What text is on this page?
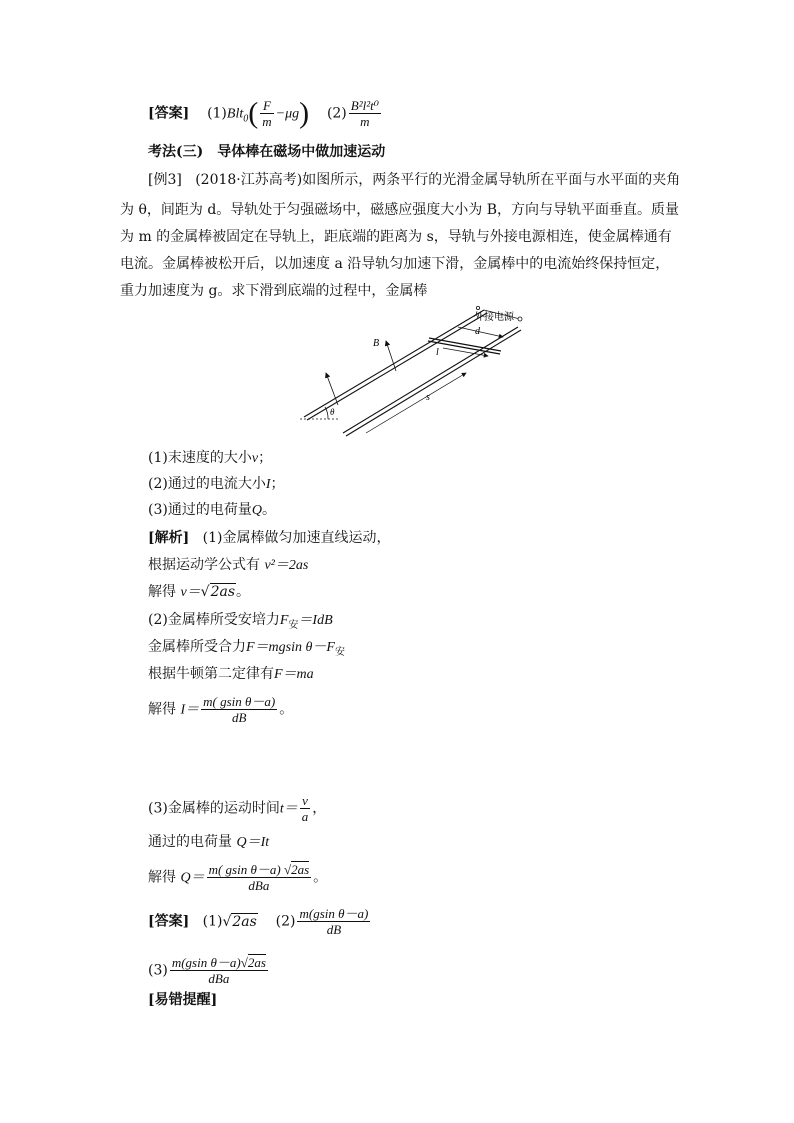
[答案] $(1)Blt_0( \frac{F}{m} -\mu g)$ $(2) \frac{\text{B²l²t⁰}}{m}$
考法(三)　导体棒在磁场中做加速运动
[例3] (2018·江苏高考)如图所示，两条平行的光滑金属导轨所在平面与水平面的夹角
为 θ，间距为 d。导轨处于匀强磁场中，磁感应强度大小为 B，方向与导轨平面垂直。质量
为 m 的金属棒被固定在导轨上，距底端的距离为 s，导轨与外接电源相连，使金属棒通有
电流。金属棒被松开后，以加速度 a 沿导轨匀加速下滑，金属棒中的电流始终保持恒定，
重力加速度为 g。求下滑到底端的过程中，金属棒
θ
外接电源
d
l
B
s
(1)末速度的大小v；
(2)通过的电流大小I；
(3)通过的电荷量Q。
[解析] (1)金属棒做匀加速直线运动，
根据运动学公式有 v²＝2as
解得 v＝√2as。
(2)金属棒所受安培力$F_安=IdB$
金属棒所受合力F＝mgsin $\theta-F_安$
根据牛顿第二定律有F＝ma
解得 $I= \frac{\text{m( gsin θ－a)}}{dB}$ 。
(3)金属棒的运动时间$t= \frac{v}{a}$ ，
通过的电荷量 Q＝It
解得 $Q= \frac{\text{m( gsin θ－a) √2as}}{\text{dBa}}$ 。
[答案] (1)√2as $(2) \frac{\text{m(gsin θ－a)}}{dB}$
$(3) \frac{\text{m(gsin θ－a)√2as}}{\text{dBa}}$
[易错提醒]
